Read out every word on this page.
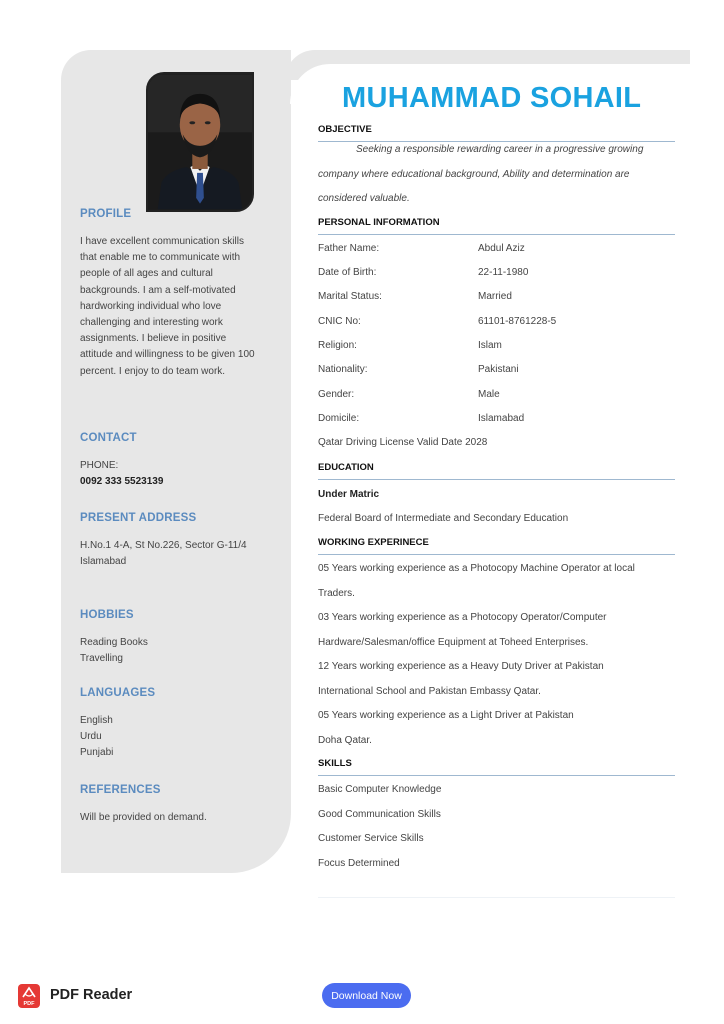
PROFILE
I have excellent communication skills
that enable me to communicate with
people of all ages and cultural
backgrounds. I am a self-motivated
hardworking individual who love
challenging and interesting work
assignments. I believe in positive
attitude and willingness to be given 100
percent. I enjoy to do team work.
CONTACT
PHONE:
0092 333 5523139
PRESENT ADDRESS
H.No.1 4-A, St No.226, Sector G-11/4
Islamabad
HOBBIES
Reading Books
Travelling
LANGUAGES
English
Urdu
Punjabi
REFERENCES
Will be provided on demand.
MUHAMMAD SOHAIL
OBJECTIVE
Seeking a responsible rewarding career in a progressive growing
company where educational background, Ability and determination are
considered valuable.
PERSONAL INFORMATION
Father Name:	Abdul Aziz
Date of Birth:	22-11-1980
Marital Status:	Married
CNIC No:	61101-8761228-5
Religion:	Islam
Nationality:	Pakistani
Gender:	Male
Domicile:	Islamabad
Qatar Driving License Valid Date 2028
EDUCATION
Under Matric
Federal Board of Intermediate and Secondary Education
WORKING EXPERINECE
05 Years working experience as a Photocopy Machine Operator at local
Traders.
03 Years working experience as a Photocopy Operator/Computer
Hardware/Salesman/office Equipment at Toheed Enterprises.
12 Years working experience as a Heavy Duty Driver at Pakistan
International School and Pakistan Embassy Qatar.
05 Years working experience as a Light Driver at Pakistan
Doha Qatar.
SKILLS
Basic Computer Knowledge
Good Communication Skills
Customer Service Skills
Focus Determined
PDF
PDF Reader	Download Now
